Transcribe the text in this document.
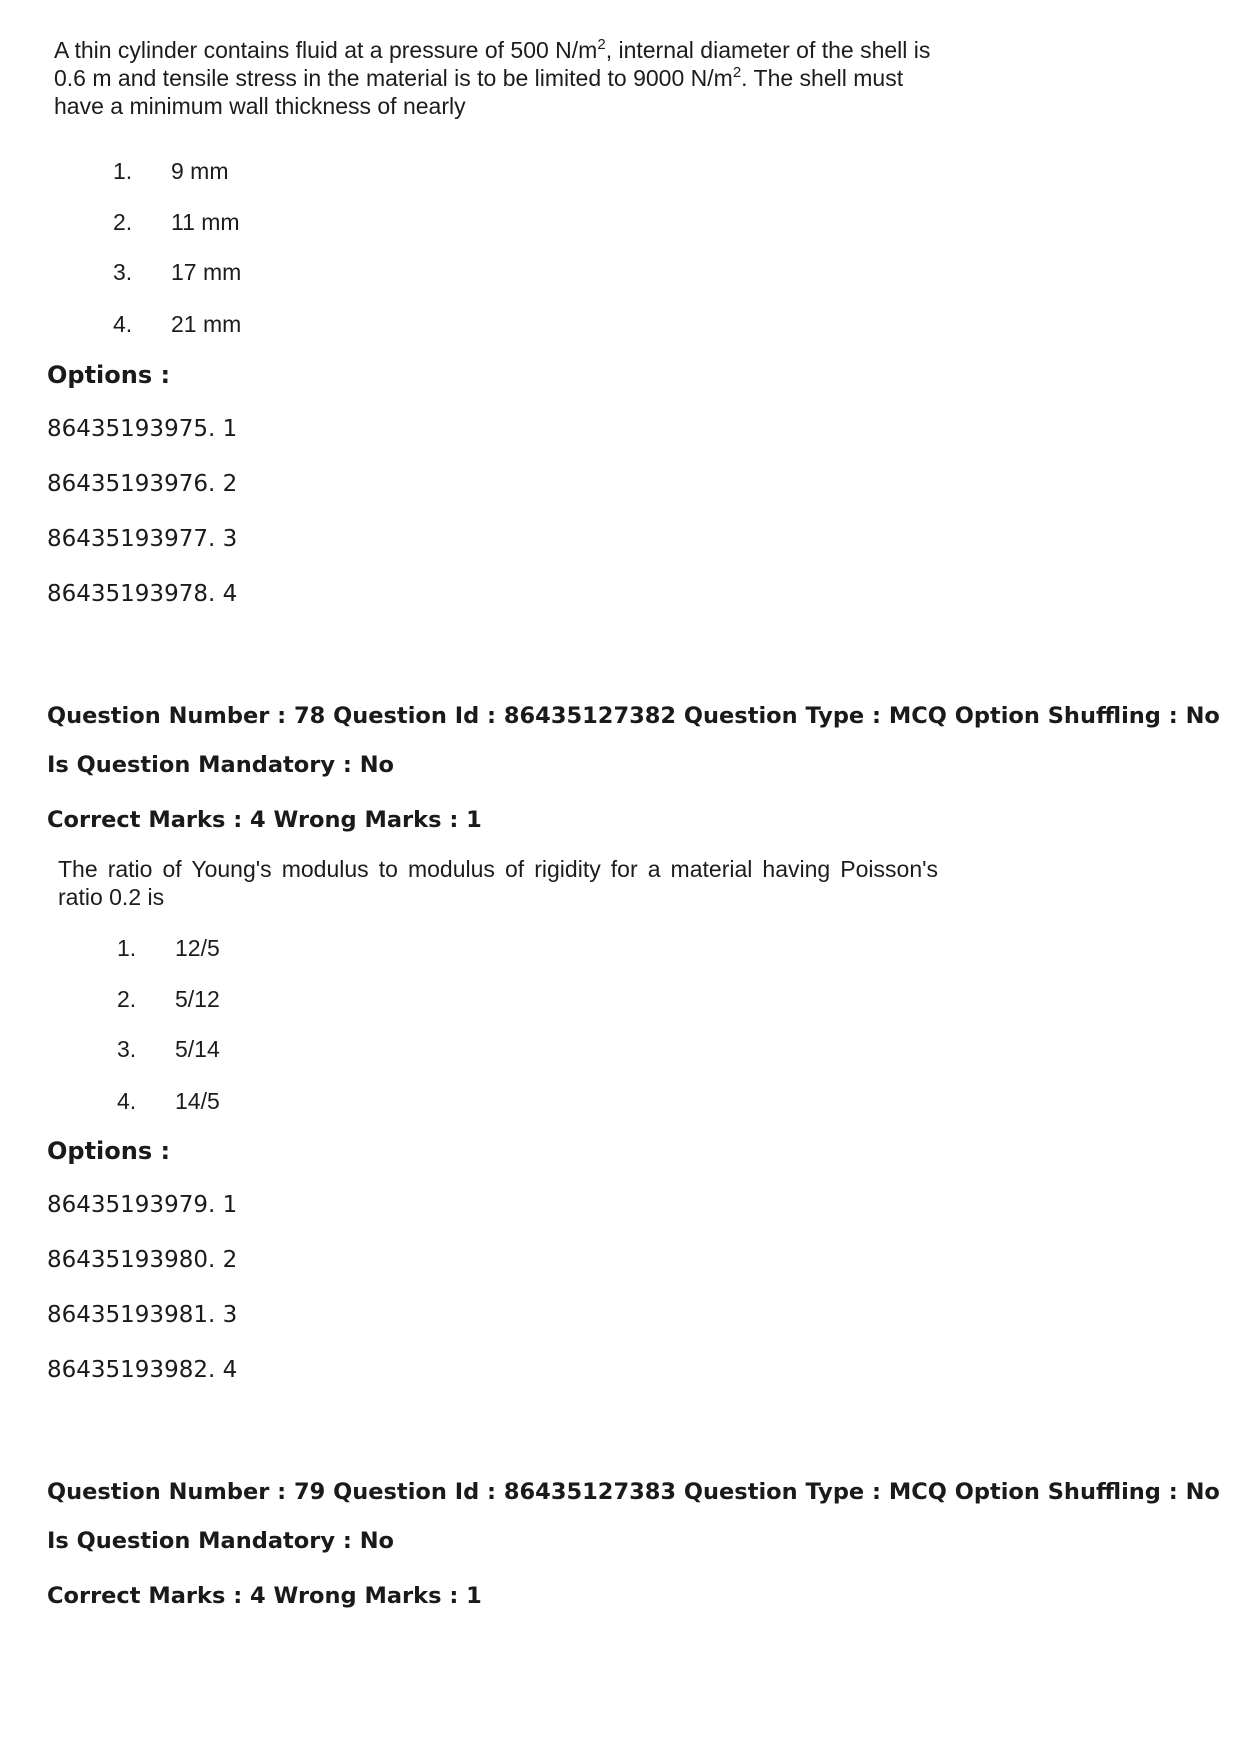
A thin cylinder contains fluid at a pressure of 500 $N/m^2$, internal diameter of the shell is 0.6 m and tensile stress in the material is to be limited to 9000 $N/m^2$. The shell must have a minimum wall thickness of nearly
1. 9 mm
2. 11 mm
3. 17 mm
4. 21 mm
Options :
86435193975. 1
86435193976. 2
86435193977. 3
86435193978. 4
Question Number : 78 Question Id : 86435127382 Question Type : MCQ Option Shuffling : No
Is Question Mandatory : No
Correct Marks : 4 Wrong Marks : 1
The ratio of Young's modulus to modulus of rigidity for a material having Poisson's ratio 0.2 is
1. 12/5
2. 5/12
3. 5/14
4. 14/5
Options :
86435193979. 1
86435193980. 2
86435193981. 3
86435193982. 4
Question Number : 79 Question Id : 86435127383 Question Type : MCQ Option Shuffling : No
Is Question Mandatory : No
Correct Marks : 4 Wrong Marks : 1
